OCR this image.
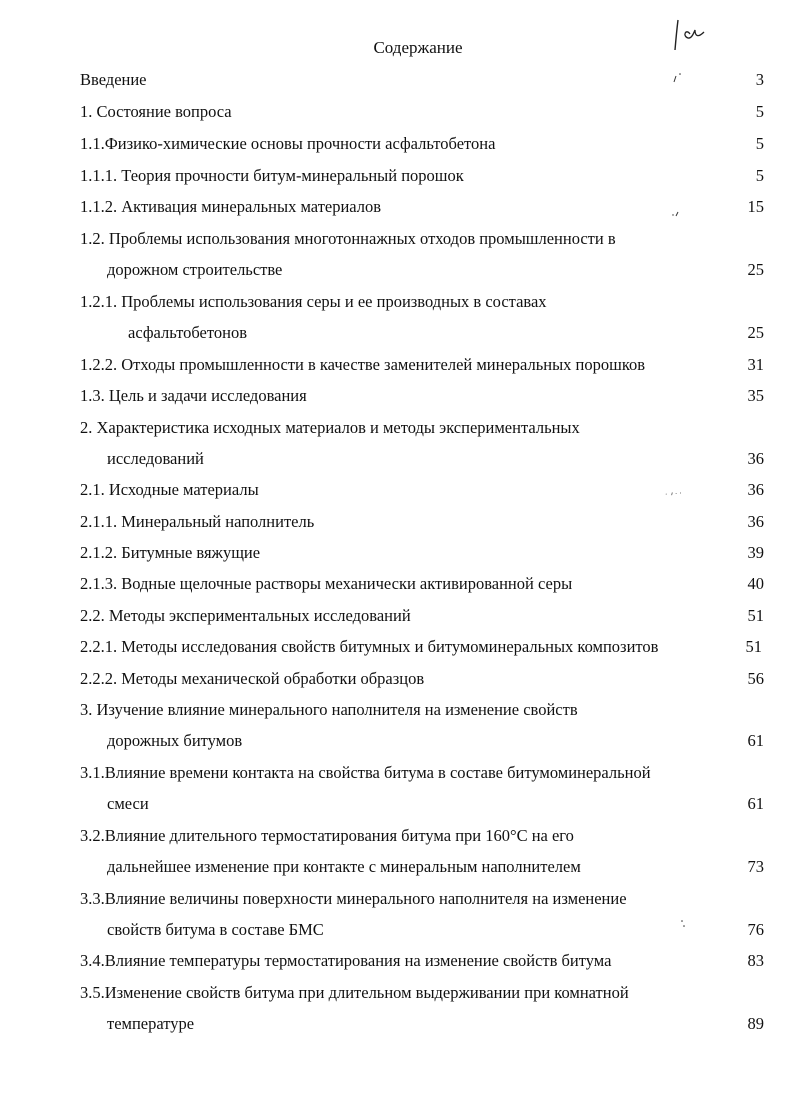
Содержание
Введение	3
1. Состояние вопроса	5
1.1.Физико-химические основы прочности асфальтобетона	5
1.1.1. Теория прочности битум-минеральный порошок	5
1.1.2. Активация минеральных материалов	15
1.2. Проблемы использования многотоннажных отходов промышленности в
дорожном строительстве	25
1.2.1. Проблемы использования серы и ее производных в составах
асфальтобетонов	25
1.2.2. Отходы промышленности в качестве заменителей минеральных порошков	31
1.3. Цель и задачи исследования	35
2. Характеристика исходных материалов и методы экспериментальных
исследований	36
2.1. Исходные материалы	36
2.1.1. Минеральный наполнитель	36
2.1.2. Битумные вяжущие	39
2.1.3. Водные щелочные растворы механически активированной серы	40
2.2. Методы экспериментальных исследований	51
2.2.1. Методы исследования свойств битумных и битумоминеральных композитов	51
2.2.2. Методы механической обработки образцов	56
3. Изучение влияние минерального наполнителя на изменение свойств
дорожных битумов	61
3.1.Влияние времени контакта на свойства битума в составе битумоминеральной
смеси	61
3.2.Влияние длительного термостатирования битума при 160°C на его
дальнейшее изменение при контакте с минеральным наполнителем	73
3.3.Влияние величины поверхности минерального наполнителя на изменение
свойств битума в составе БМС	76
3.4.Влияние температуры термостатирования на изменение свойств битума	83
3.5.Изменение свойств битума при длительном выдерживании при комнатной
температуре	89
